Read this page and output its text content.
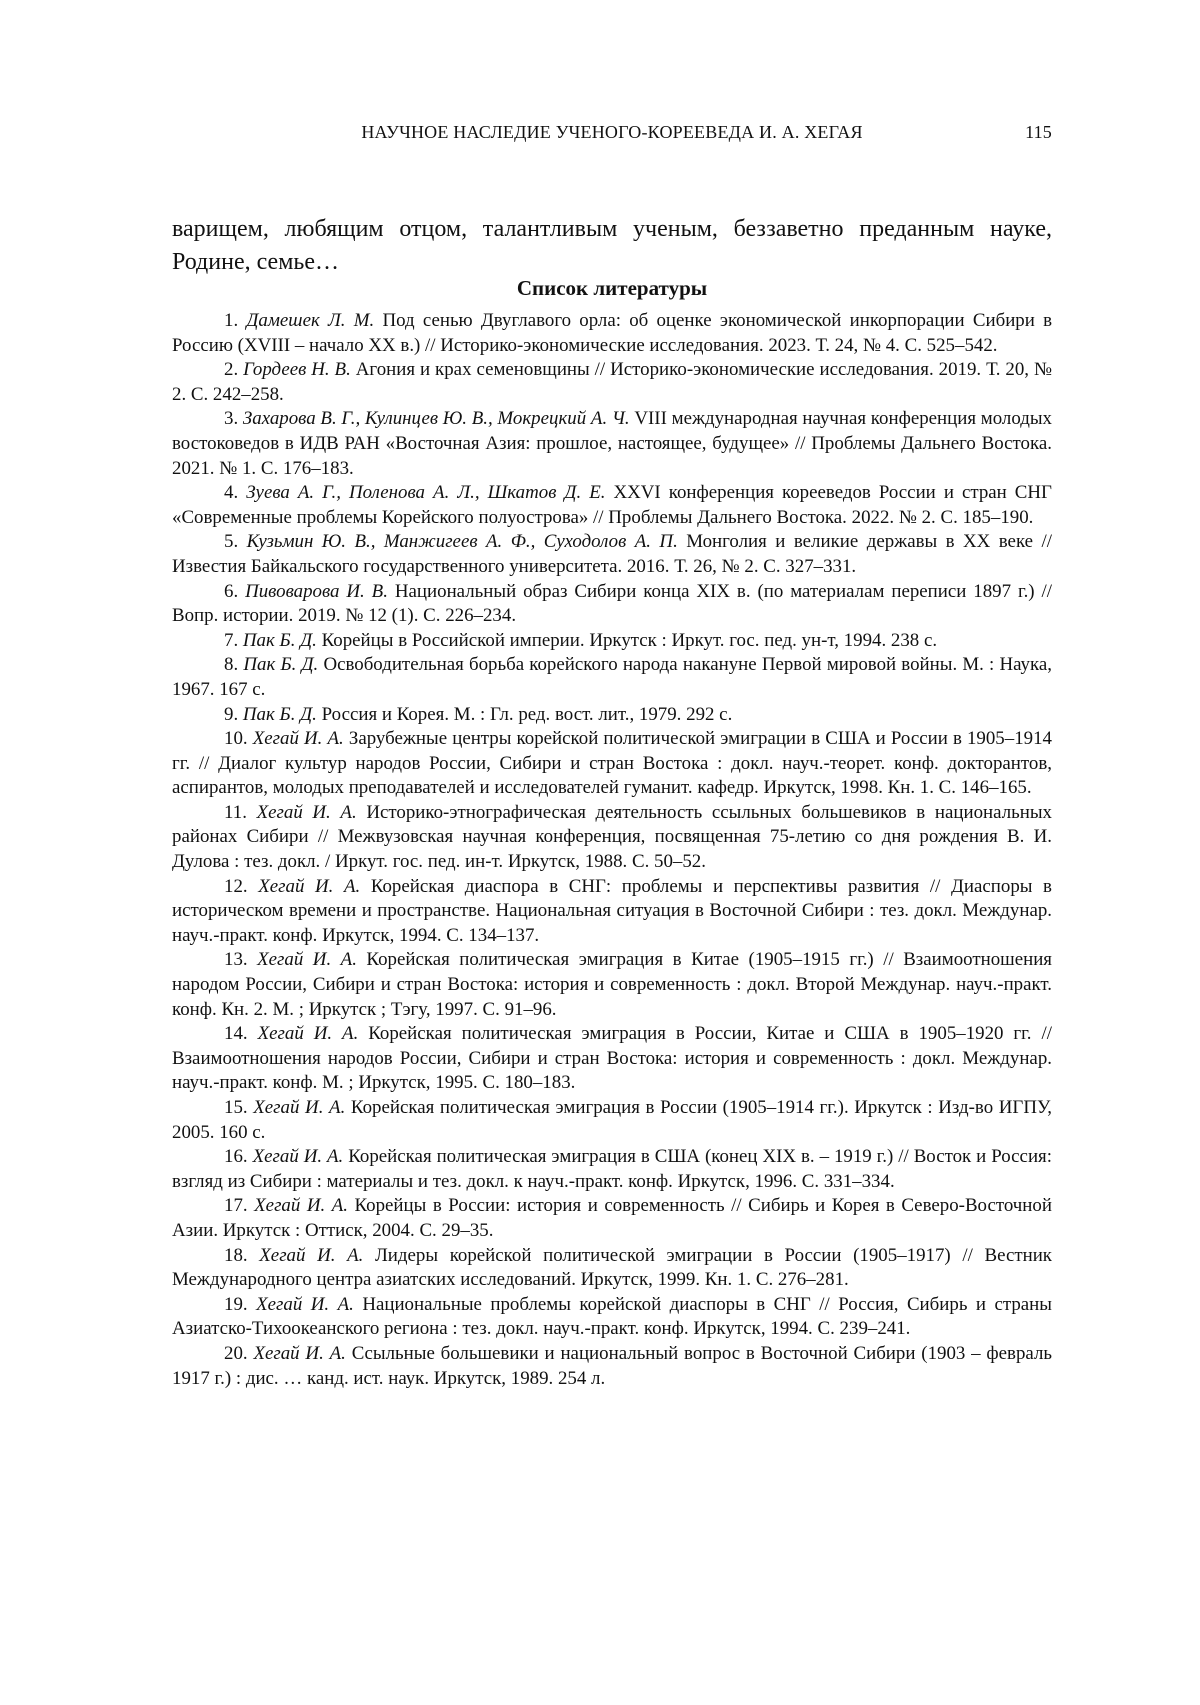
НАУЧНОЕ НАСЛЕДИЕ УЧЕНОГО-КОРЕЕВЕДА И. А. ХЕГАЯ	115

варищем, любящим отцом, талантливым ученым, беззаветно преданным науке, Родине, семье…

Список литературы

1. Дамешек Л. М. Под сенью Двуглавого орла: об оценке экономической инкорпорации Сибири в Россию (XVIII – начало XX в.) // Историко-экономические исследования. 2023. Т. 24, № 4. С. 525–542.

2. Гордеев Н. В. Агония и крах семеновщины // Историко-экономические исследования. 2019. Т. 20, № 2. С. 242–258.

3. Захарова В. Г., Кулинцев Ю. В., Мокрецкий А. Ч. VIII международная научная конференция молодых востоковедов в ИДВ РАН «Восточная Азия: прошлое, настоящее, будущее» // Проблемы Дальнего Востока. 2021. № 1. С. 176–183.

4. Зуева А. Г., Поленова А. Л., Шкатов Д. Е. XXVI конференция корееведов России и стран СНГ «Современные проблемы Корейского полуострова» // Проблемы Дальнего Востока. 2022. № 2. С. 185–190.

5. Кузьмин Ю. В., Манжигеев А. Ф., Суходолов А. П. Монголия и великие державы в XX веке // Известия Байкальского государственного университета. 2016. Т. 26, № 2. С. 327–331.

6. Пивоварова И. В. Национальный образ Сибири конца XIX в. (по материалам переписи 1897 г.) // Вопр. истории. 2019. № 12 (1). С. 226–234.

7. Пак Б. Д. Корейцы в Российской империи. Иркутск : Иркут. гос. пед. ун-т, 1994. 238 с.

8. Пак Б. Д. Освободительная борьба корейского народа накануне Первой мировой войны. М. : Наука, 1967. 167 с.

9. Пак Б. Д. Россия и Корея. М. : Гл. ред. вост. лит., 1979. 292 с.

10. Хегай И. А. Зарубежные центры корейской политической эмиграции в США и России в 1905–1914 гг. // Диалог культур народов России, Сибири и стран Востока : докл. науч.-теорет. конф. докторантов, аспирантов, молодых преподавателей и исследователей гуманит. кафедр. Иркутск, 1998. Кн. 1. С. 146–165.

11. Хегай И. А. Историко-этнографическая деятельность ссыльных большевиков в национальных районах Сибири // Межвузовская научная конференция, посвященная 75-летию со дня рождения В. И. Дулова : тез. докл. / Иркут. гос. пед. ин-т. Иркутск, 1988. С. 50–52.

12. Хегай И. А. Корейская диаспора в СНГ: проблемы и перспективы развития // Диаспоры в историческом времени и пространстве. Национальная ситуация в Восточной Сибири : тез. докл. Междунар. науч.-практ. конф. Иркутск, 1994. С. 134–137.

13. Хегай И. А. Корейская политическая эмиграция в Китае (1905–1915 гг.) // Взаимоотношения народом России, Сибири и стран Востока: история и современность : докл. Второй Междунар. науч.-практ. конф. Кн. 2. М. ; Иркутск ; Тэгу, 1997. С. 91–96.

14. Хегай И. А. Корейская политическая эмиграция в России, Китае и США в 1905–1920 гг. // Взаимоотношения народов России, Сибири и стран Востока: история и современность : докл. Междунар. науч.-практ. конф. М. ; Иркутск, 1995. С. 180–183.

15. Хегай И. А. Корейская политическая эмиграция в России (1905–1914 гг.). Иркутск : Изд-во ИГПУ, 2005. 160 с.

16. Хегай И. А. Корейская политическая эмиграция в США (конец XIX в. – 1919 г.) // Восток и Россия: взгляд из Сибири : материалы и тез. докл. к науч.-практ. конф. Иркутск, 1996. С. 331–334.

17. Хегай И. А. Корейцы в России: история и современность // Сибирь и Корея в Северо-Восточной Азии. Иркутск : Оттиск, 2004. С. 29–35.

18. Хегай И. А. Лидеры корейской политической эмиграции в России (1905–1917) // Вестник Международного центра азиатских исследований. Иркутск, 1999. Кн. 1. С. 276–281.

19. Хегай И. А. Национальные проблемы корейской диаспоры в СНГ // Россия, Сибирь и страны Азиатско-Тихоокеанского региона : тез. докл. науч.-практ. конф. Иркутск, 1994. С. 239–241.

20. Хегай И. А. Ссыльные большевики и национальный вопрос в Восточной Сибири (1903 – февраль 1917 г.) : дис. … канд. ист. наук. Иркутск, 1989. 254 л.
